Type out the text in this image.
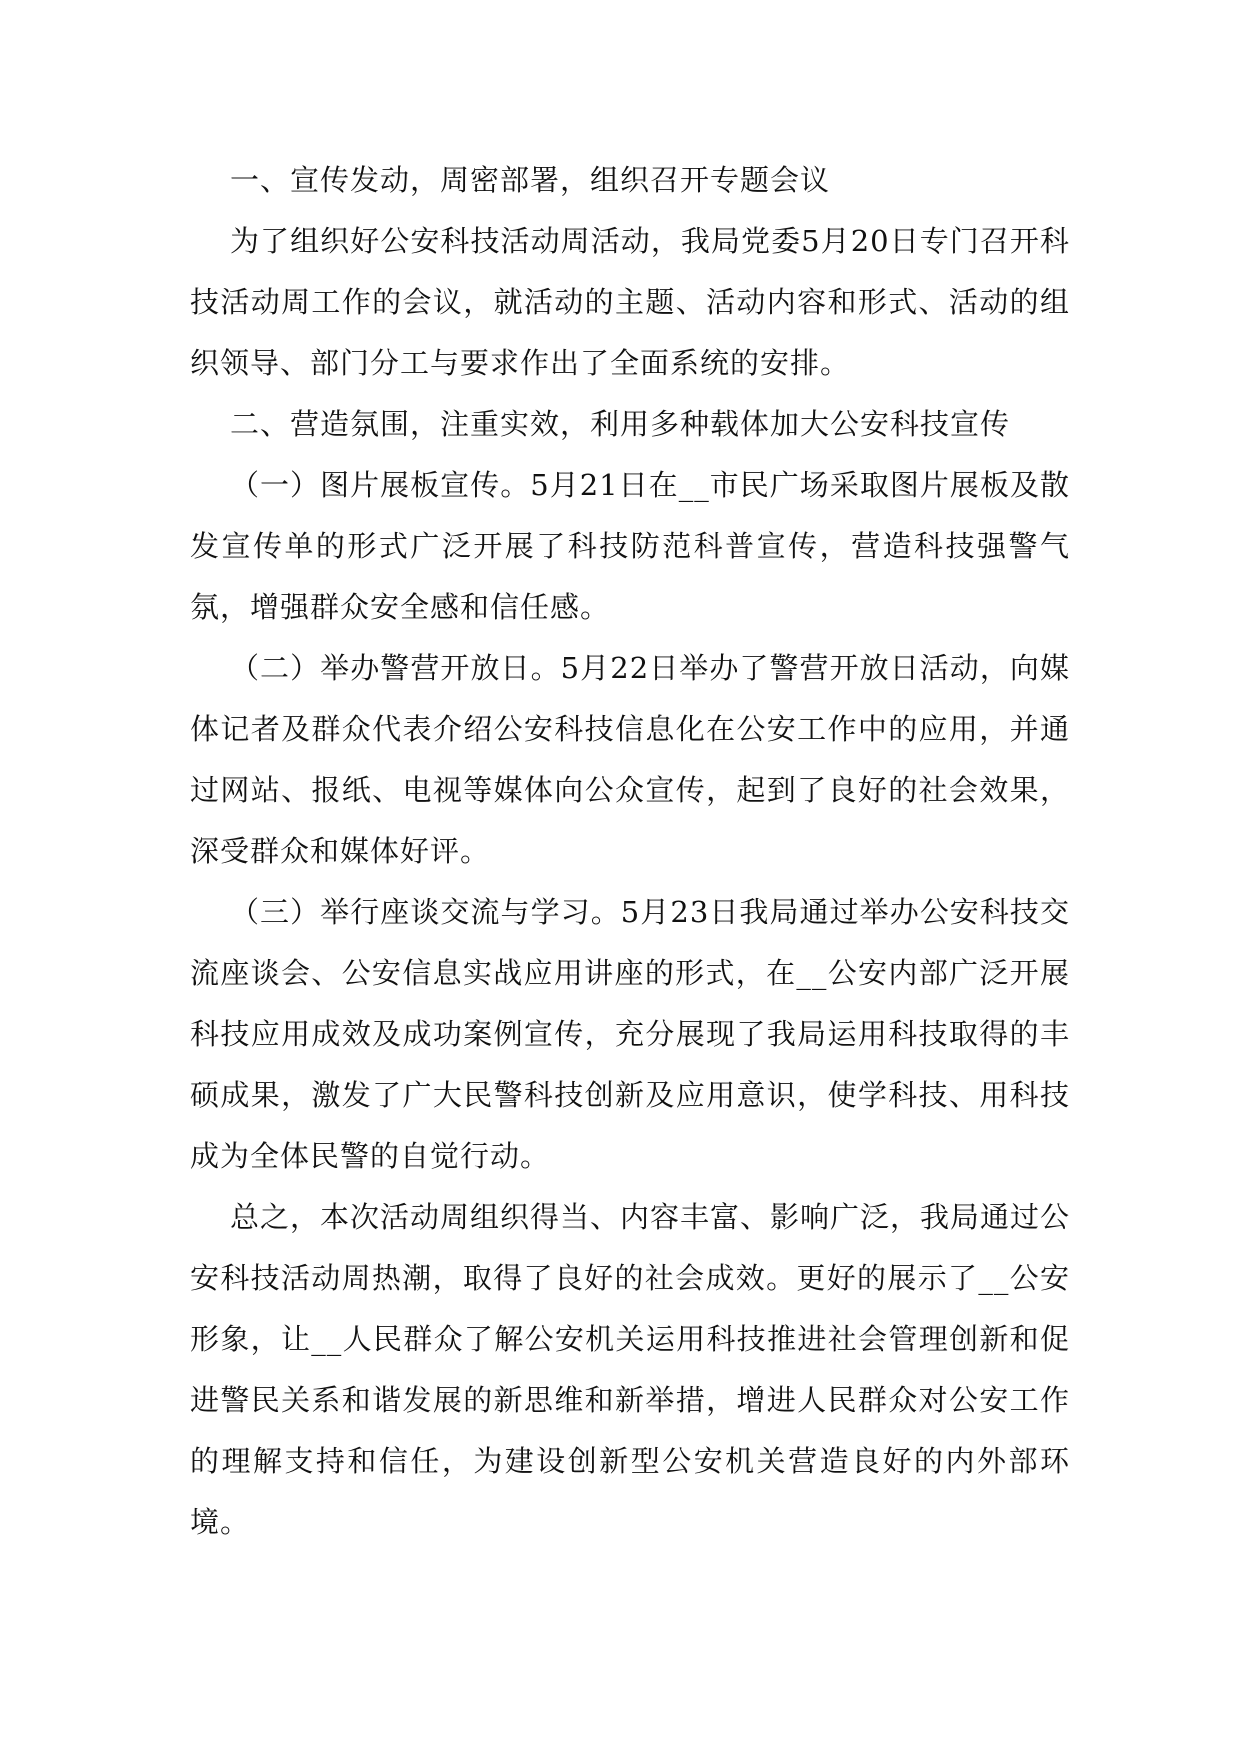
一、宣传发动，周密部署，组织召开专题会议

为了组织好公安科技活动周活动，我局党委5月20日专门召开科技活动周工作的会议，就活动的主题、活动内容和形式、活动的组织领导、部门分工与要求作出了全面系统的安排。

二、营造氛围，注重实效，利用多种载体加大公安科技宣传

（一）图片展板宣传。5月21日在__市民广场采取图片展板及散发宣传单的形式广泛开展了科技防范科普宣传，营造科技强警气氛，增强群众安全感和信任感。

（二）举办警营开放日。5月22日举办了警营开放日活动，向媒体记者及群众代表介绍公安科技信息化在公安工作中的应用，并通过网站、报纸、电视等媒体向公众宣传，起到了良好的社会效果，深受群众和媒体好评。

（三）举行座谈交流与学习。5月23日我局通过举办公安科技交流座谈会、公安信息实战应用讲座的形式，在__公安内部广泛开展科技应用成效及成功案例宣传，充分展现了我局运用科技取得的丰硕成果，激发了广大民警科技创新及应用意识，使学科技、用科技成为全体民警的自觉行动。

总之，本次活动周组织得当、内容丰富、影响广泛，我局通过公安科技活动周热潮，取得了良好的社会成效。更好的展示了__公安形象，让__人民群众了解公安机关运用科技推进社会管理创新和促进警民关系和谐发展的新思维和新举措，增进人民群众对公安工作的理解支持和信任，为建设创新型公安机关营造良好的内外部环境。
